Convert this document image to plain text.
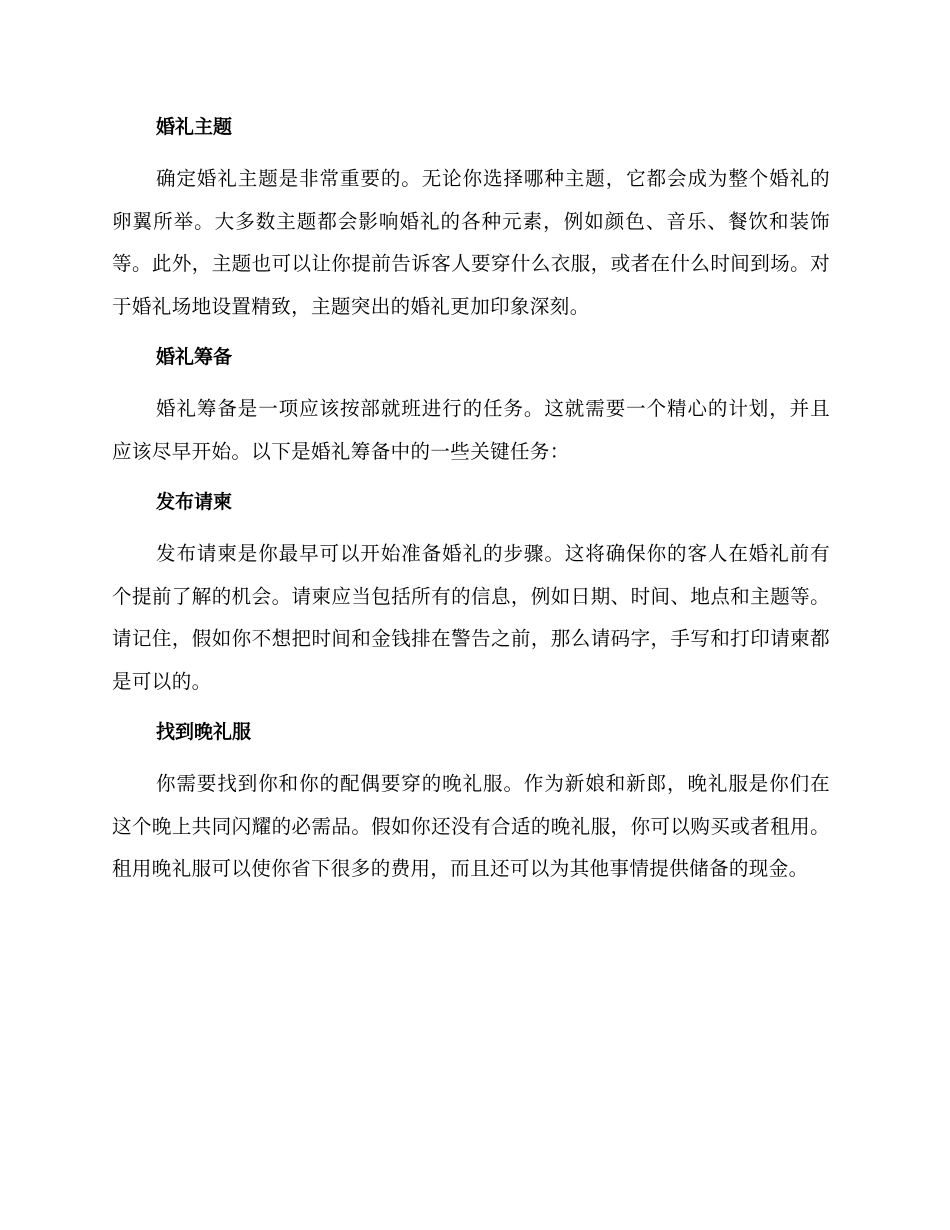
婚礼主题

确定婚礼主题是非常重要的。无论你选择哪种主题，它都会成为整个婚礼的卵翼所举。大多数主题都会影响婚礼的各种元素，例如颜色、音乐、餐饮和装饰等。此外，主题也可以让你提前告诉客人要穿什么衣服，或者在什么时间到场。对于婚礼场地设置精致，主题突出的婚礼更加印象深刻。

婚礼筹备

婚礼筹备是一项应该按部就班进行的任务。这就需要一个精心的计划，并且应该尽早开始。以下是婚礼筹备中的一些关键任务：

发布请柬

发布请柬是你最早可以开始准备婚礼的步骤。这将确保你的客人在婚礼前有个提前了解的机会。请柬应当包括所有的信息，例如日期、时间、地点和主题等。请记住，假如你不想把时间和金钱排在警告之前，那么请码字，手写和打印请柬都是可以的。

找到晚礼服

你需要找到你和你的配偶要穿的晚礼服。作为新娘和新郎，晚礼服是你们在这个晚上共同闪耀的必需品。假如你还没有合适的晚礼服，你可以购买或者租用。租用晚礼服可以使你省下很多的费用，而且还可以为其他事情提供储备的现金。
